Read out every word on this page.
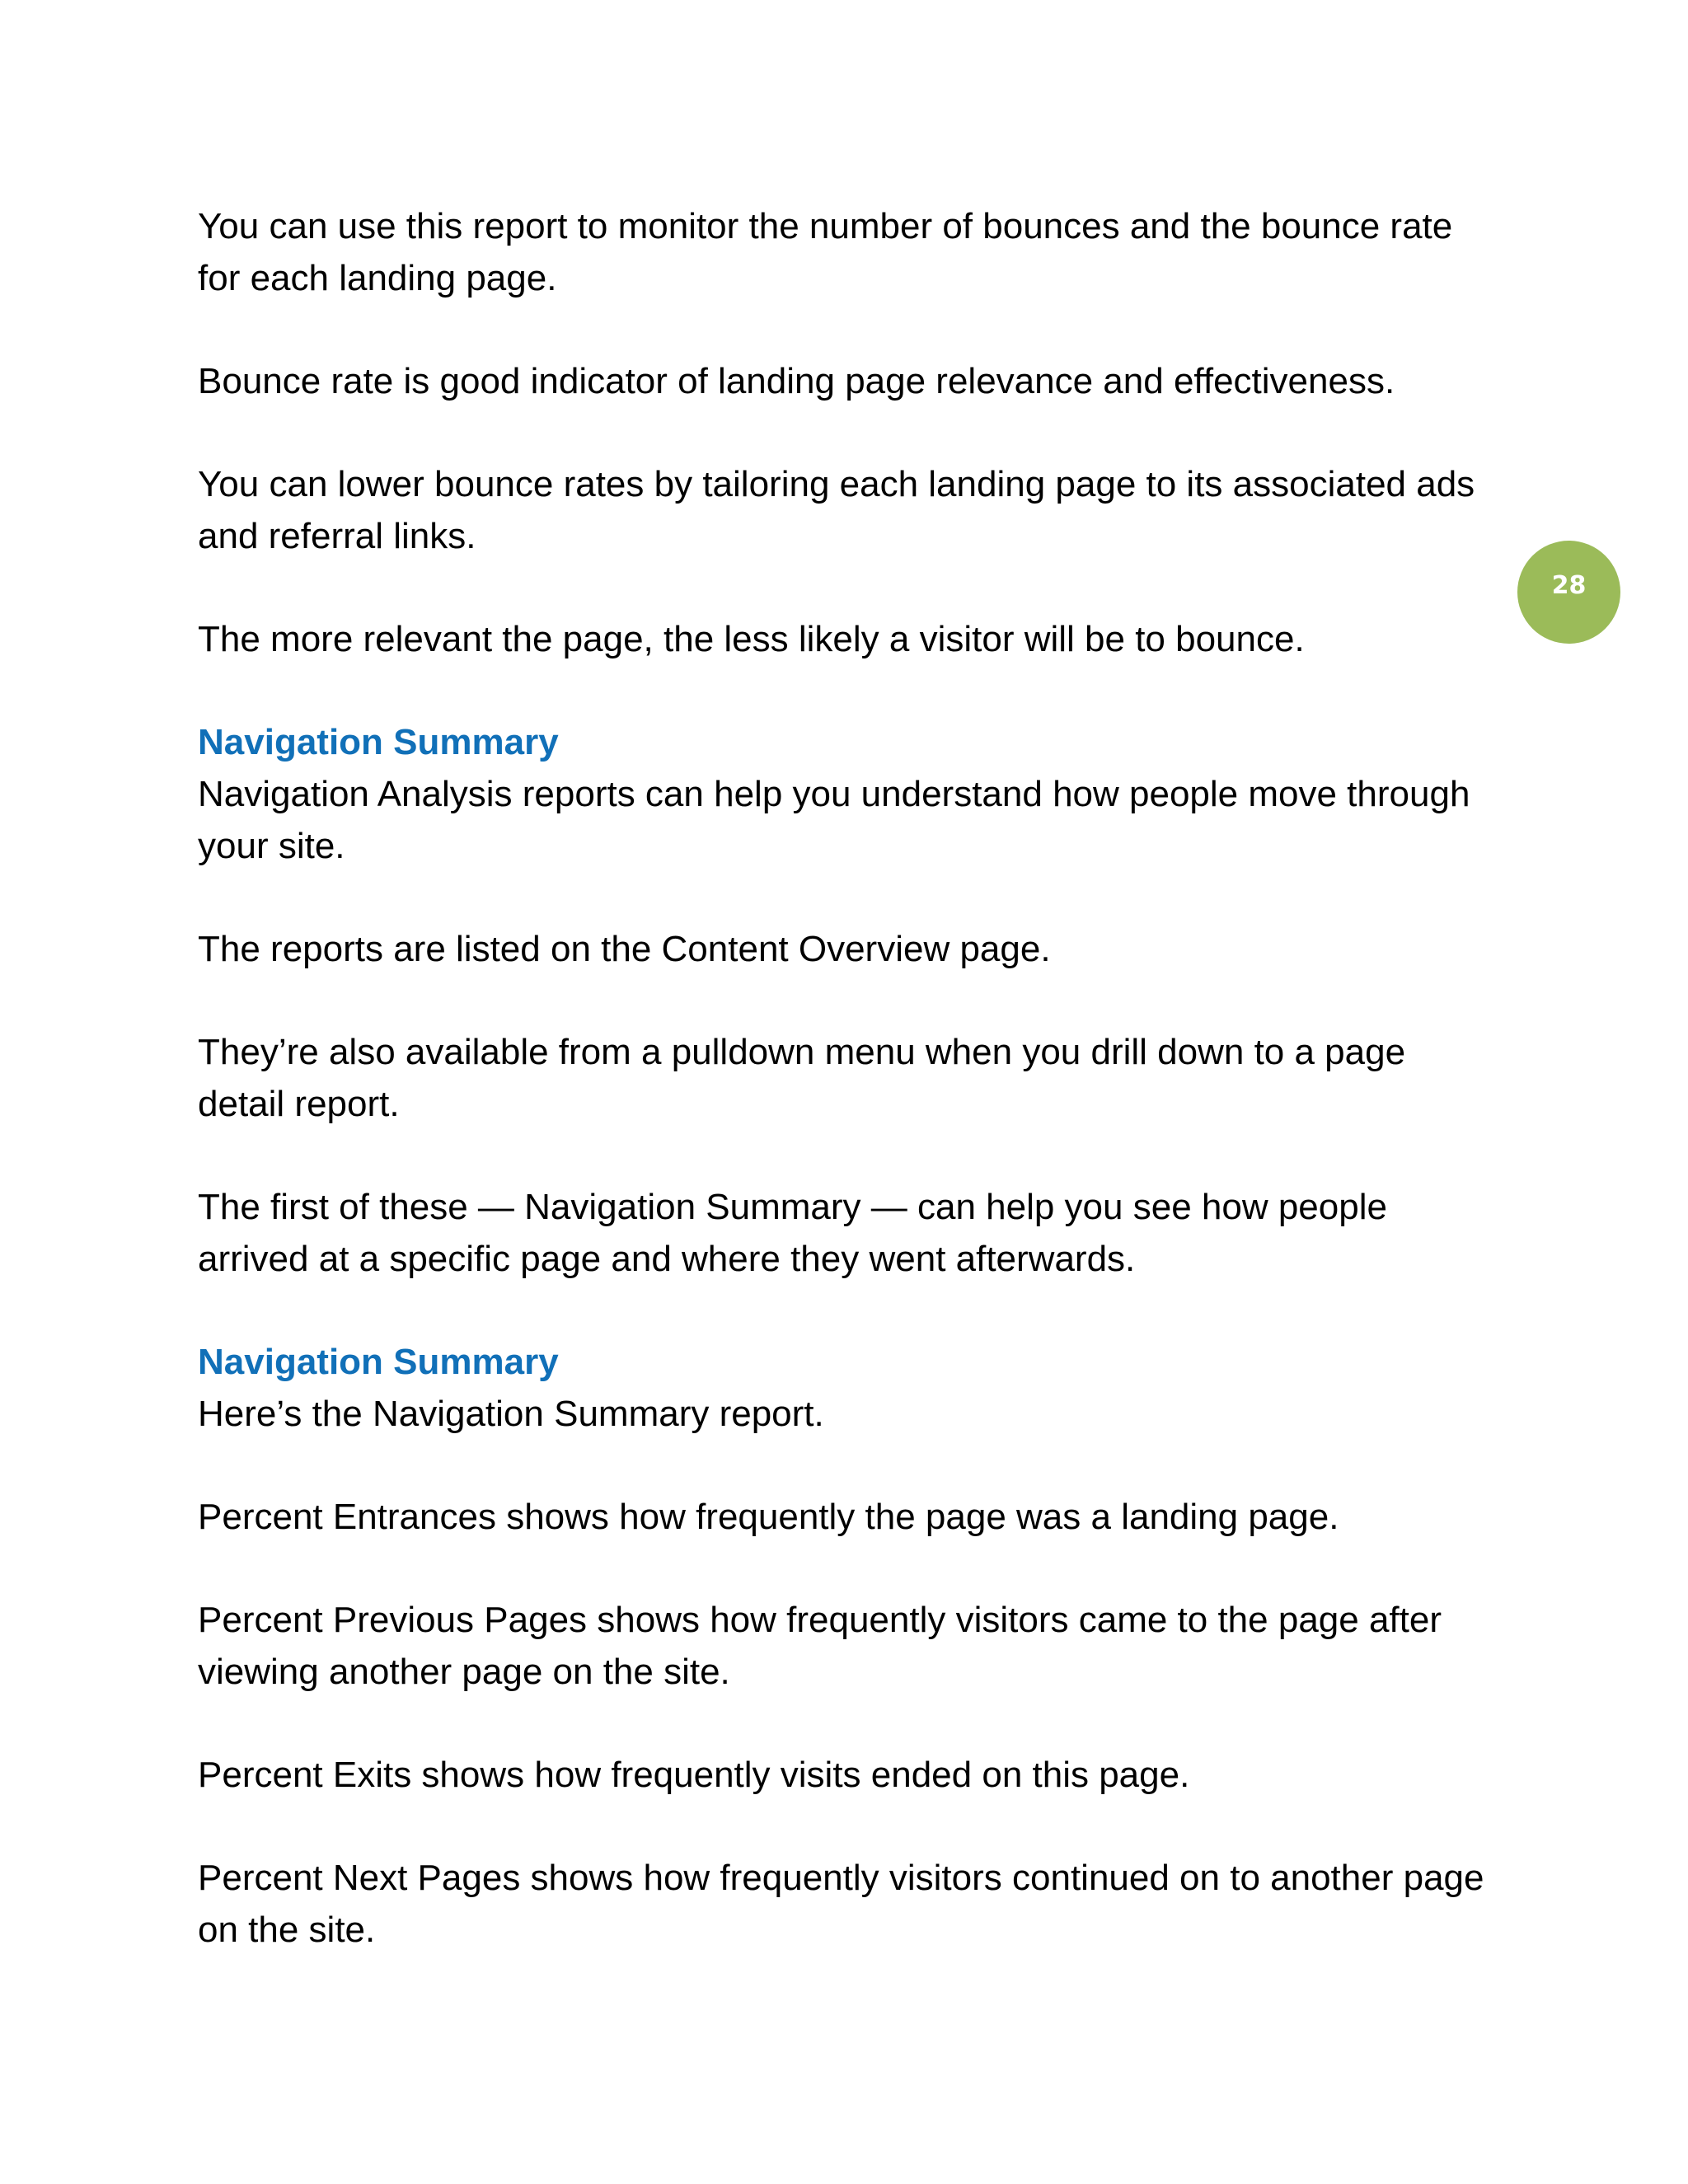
28

You can use this report to monitor the number of bounces and the bounce rate for each landing page.

Bounce rate is good indicator of landing page relevance and effectiveness.

You can lower bounce rates by tailoring each landing page to its associated ads and referral links.

The more relevant the page, the less likely a visitor will be to bounce.

Navigation Summary

Navigation Analysis reports can help you understand how people move through your site.

The reports are listed on the Content Overview page.

They’re also available from a pulldown menu when you drill down to a page detail report.

The first of these — Navigation Summary — can help you see how people arrived at a specific page and where they went afterwards.

Navigation Summary

Here’s the Navigation Summary report.

Percent Entrances shows how frequently the page was a landing page.

Percent Previous Pages shows how frequently visitors came to the page after viewing another page on the site.

Percent Exits shows how frequently visits ended on this page.

Percent Next Pages shows how frequently visitors continued on to another page on the site.
